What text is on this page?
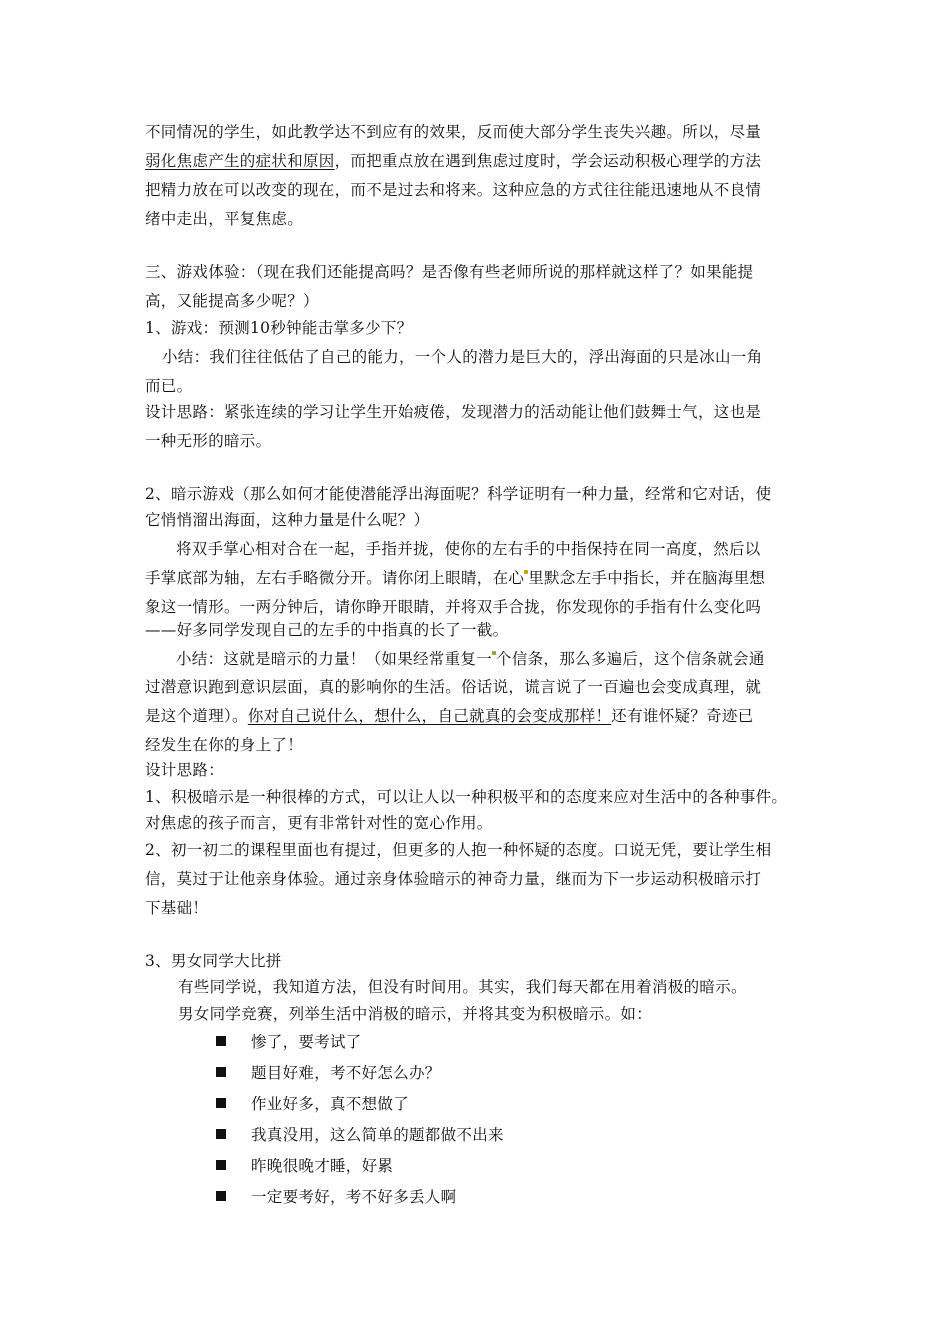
不同情况的学生，如此教学达不到应有的效果，反而使大部分学生丧失兴趣。所以，尽量
弱化焦虑产生的症状和原因，而把重点放在遇到焦虑过度时，学会运动积极心理学的方法
把精力放在可以改变的现在，而不是过去和将来。这种应急的方式往往能迅速地从不良情
绪中走出，平复焦虑。
三、游戏体验：（现在我们还能提高吗？是否像有些老师所说的那样就这样了？如果能提
高，又能提高多少呢？）
1、游戏：预测10秒钟能击掌多少下？
小结：我们往往低估了自己的能力，一个人的潜力是巨大的，浮出海面的只是冰山一角
而已。
设计思路：紧张连续的学习让学生开始疲倦，发现潜力的活动能让他们鼓舞士气，这也是
一种无形的暗示。
2、暗示游戏（那么如何才能使潜能浮出海面呢？科学证明有一种力量，经常和它对话，使
它悄悄溜出海面，这种力量是什么呢？）
将双手掌心相对合在一起，手指并拢，使你的左右手的中指保持在同一高度，然后以
手掌底部为轴，左右手略微分开。请你闭上眼睛，在心 里默念左手中指长，并在脑海里想
象这一情形。一两分钟后，请你睁开眼睛，并将双手合拢，你发现你的手指有什么变化吗
——好多同学发现自己的左手的中指真的长了一截。
小结：这就是暗示的力量！（如果经常重复一 个信条，那么多遍后，这个信条就会通
过潜意识跑到意识层面，真的影响你的生活。俗话说，谎言说了一百遍也会变成真理，就
是这个道理）。你对自己说什么，想什么，自己就真的会变成那样！还有谁怀疑？奇迹已
经发生在你的身上了！
设计思路：
1、积极暗示是一种很棒的方式，可以让人以一种积极平和的态度来应对生活中的各种事件。
对焦虑的孩子而言，更有非常针对性的宽心作用。
2、初一初二的课程里面也有提过，但更多的人抱一种怀疑的态度。口说无凭，要让学生相
信，莫过于让他亲身体验。通过亲身体验暗示的神奇力量，继而为下一步运动积极暗示打
下基础！
3、男女同学大比拼
有些同学说，我知道方法，但没有时间用。其实，我们每天都在用着消极的暗示。
男女同学竞赛，列举生活中消极的暗示，并将其变为积极暗示。如：
惨了，要考试了
题目好难，考不好怎么办？
作业好多，真不想做了
我真没用，这么简单的题都做不出来
昨晚很晚才睡，好累
一定要考好，考不好多丢人啊
